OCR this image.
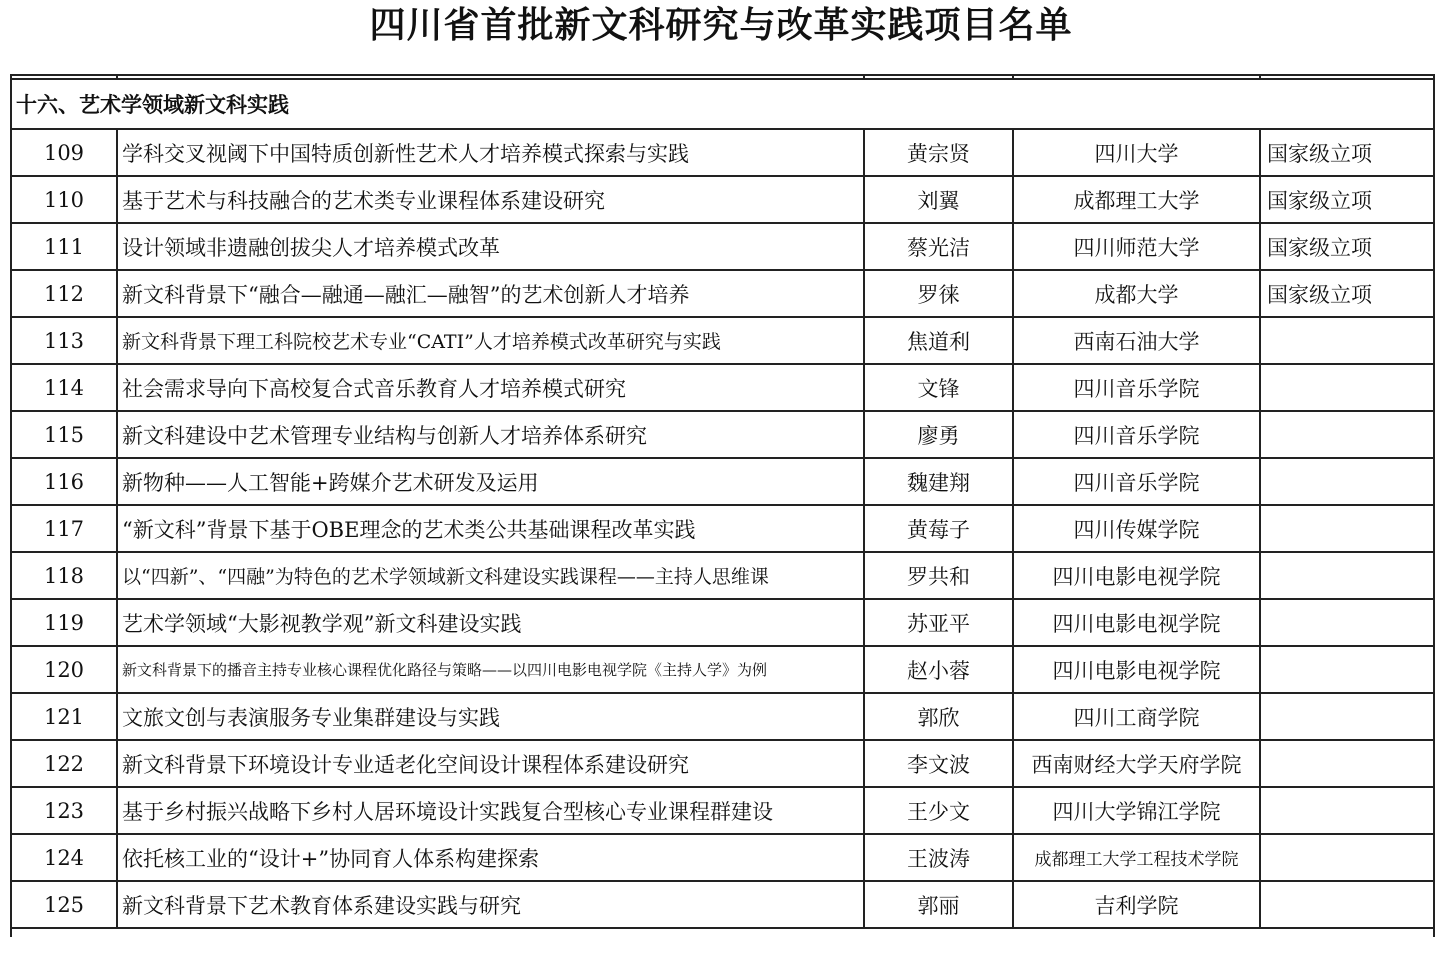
四川省首批新文科研究与改革实践项目名单

十六、艺术学领域新文科实践				
109	学科交叉视阈下中国特质创新性艺术人才培养模式探索与实践	黄宗贤	四川大学	国家级立项
110	基于艺术与科技融合的艺术类专业课程体系建设研究	刘翼	成都理工大学	国家级立项
111	设计领域非遗融创拔尖人才培养模式改革	蔡光洁	四川师范大学	国家级立项
112	新文科背景下“融合—融通—融汇—融智”的艺术创新人才培养	罗徕	成都大学	国家级立项
113	新文科背景下理工科院校艺术专业“CATI”人才培养模式改革研究与实践	焦道利	西南石油大学	
114	社会需求导向下高校复合式音乐教育人才培养模式研究	文锋	四川音乐学院	
115	新文科建设中艺术管理专业结构与创新人才培养体系研究	廖勇	四川音乐学院	
116	新物种——人工智能+跨媒介艺术研发及运用	魏建翔	四川音乐学院	
117	“新文科”背景下基于OBE理念的艺术类公共基础课程改革实践	黄莓子	四川传媒学院	
118	以“四新”、“四融”为特色的艺术学领域新文科建设实践课程——主持人思维课	罗共和	四川电影电视学院	
119	艺术学领域“大影视教学观”新文科建设实践	苏亚平	四川电影电视学院	
120	新文科背景下的播音主持专业核心课程优化路径与策略——以四川电影电视学院《主持人学》为例	赵小蓉	四川电影电视学院	
121	文旅文创与表演服务专业集群建设与实践	郭欣	四川工商学院	
122	新文科背景下环境设计专业适老化空间设计课程体系建设研究	李文波	西南财经大学天府学院	
123	基于乡村振兴战略下乡村人居环境设计实践复合型核心专业课程群建设	王少文	四川大学锦江学院	
124	依托核工业的“设计+”协同育人体系构建探索	王波涛	成都理工大学工程技术学院	
125	新文科背景下艺术教育体系建设实践与研究	郭丽	吉利学院	
